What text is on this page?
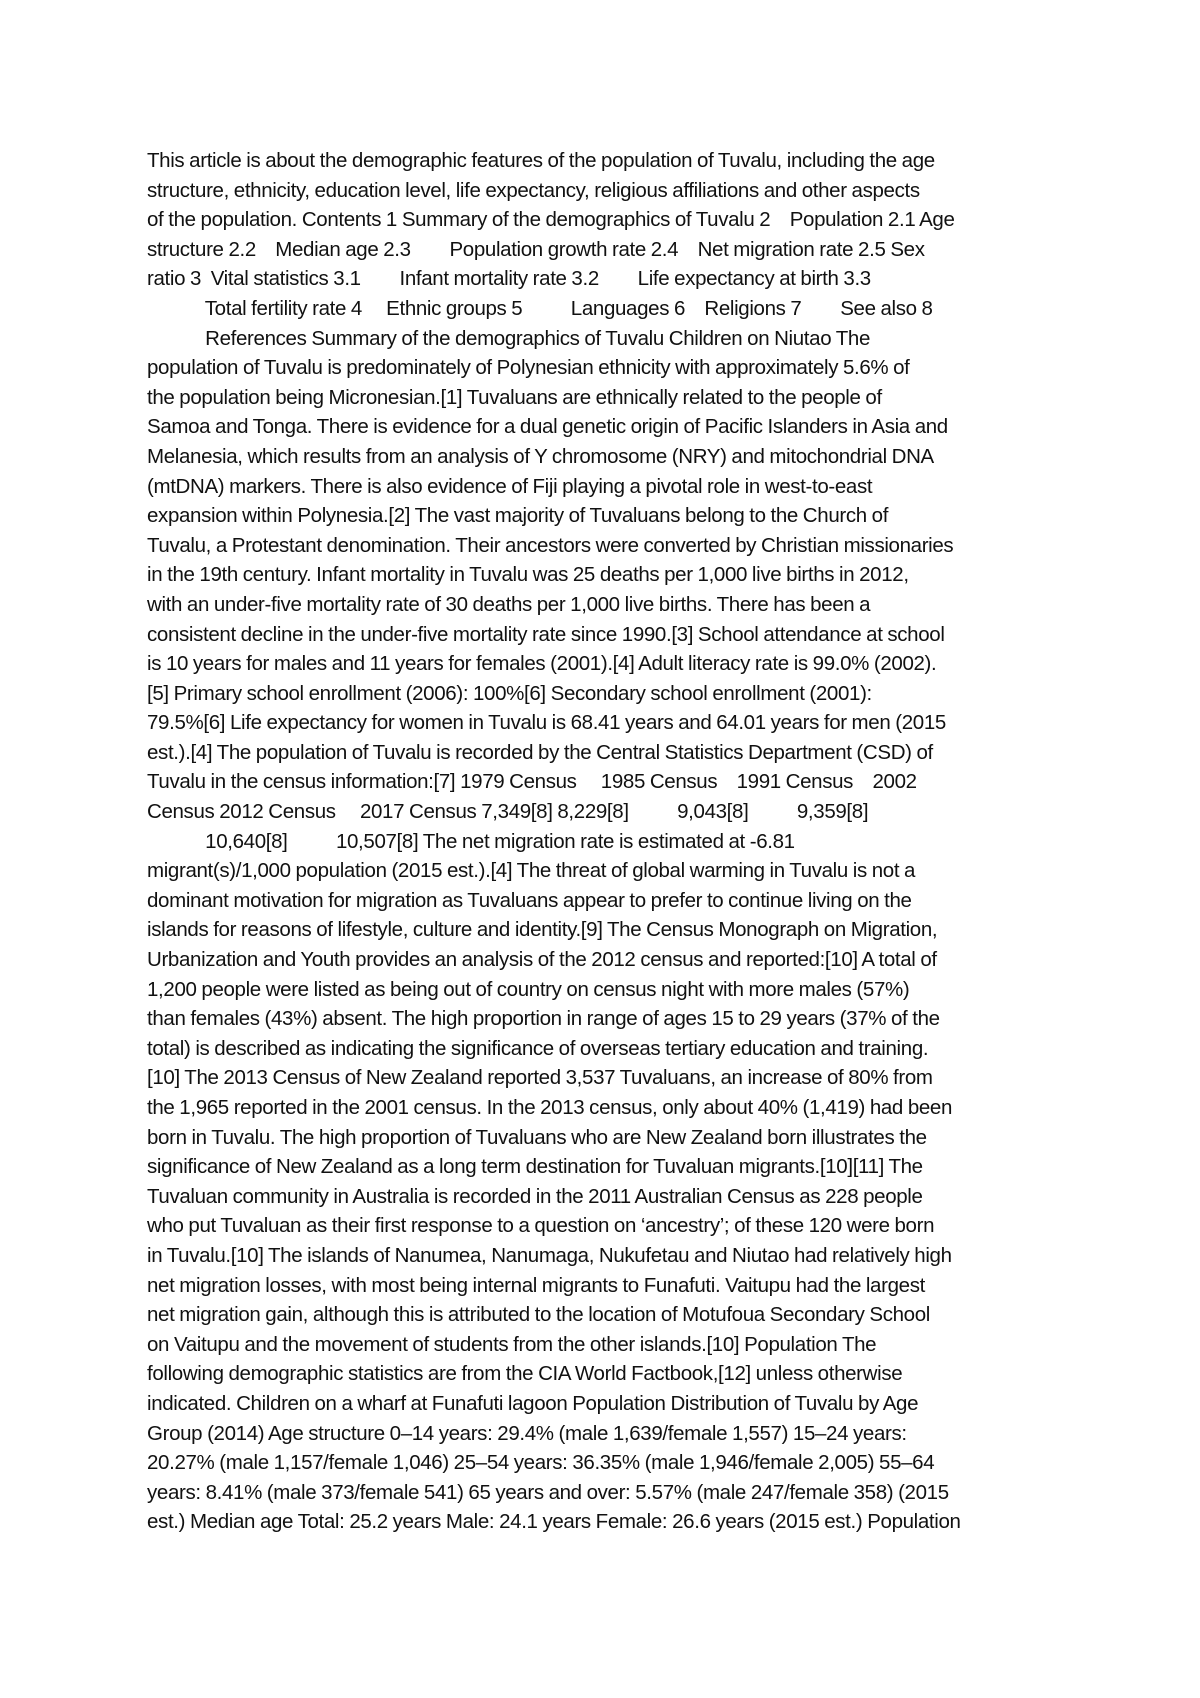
This article is about the demographic features of the population of Tuvalu, including the age
structure, ethnicity, education level, life expectancy, religious affiliations and other aspects
of the population. Contents 1 Summary of the demographics of Tuvalu 2    Population 2.1 Age
structure 2.2    Median age 2.3        Population growth rate 2.4    Net migration rate 2.5 Sex
ratio 3  Vital statistics 3.1        Infant mortality rate 3.2        Life expectancy at birth 3.3
Total fertility rate 4     Ethnic groups 5          Languages 6    Religions 7        See also 8
References Summary of the demographics of Tuvalu Children on Niutao The
population of Tuvalu is predominately of Polynesian ethnicity with approximately 5.6% of
the population being Micronesian.[1] Tuvaluans are ethnically related to the people of
Samoa and Tonga. There is evidence for a dual genetic origin of Pacific Islanders in Asia and
Melanesia, which results from an analysis of Y chromosome (NRY) and mitochondrial DNA
(mtDNA) markers. There is also evidence of Fiji playing a pivotal role in west-to-east
expansion within Polynesia.[2] The vast majority of Tuvaluans belong to the Church of
Tuvalu, a Protestant denomination. Their ancestors were converted by Christian missionaries
in the 19th century. Infant mortality in Tuvalu was 25 deaths per 1,000 live births in 2012,
with an under-five mortality rate of 30 deaths per 1,000 live births. There has been a
consistent decline in the under-five mortality rate since 1990.[3] School attendance at school
is 10 years for males and 11 years for females (2001).[4] Adult literacy rate is 99.0% (2002).
[5] Primary school enrollment (2006): 100%[6] Secondary school enrollment (2001):
79.5%[6] Life expectancy for women in Tuvalu is 68.41 years and 64.01 years for men (2015
est.).[4] The population of Tuvalu is recorded by the Central Statistics Department (CSD) of
Tuvalu in the census information:[7] 1979 Census     1985 Census    1991 Census    2002
Census 2012 Census     2017 Census 7,349[8] 8,229[8]          9,043[8]          9,359[8]
10,640[8]          10,507[8] The net migration rate is estimated at -6.81
migrant(s)/1,000 population (2015 est.).[4] The threat of global warming in Tuvalu is not a
dominant motivation for migration as Tuvaluans appear to prefer to continue living on the
islands for reasons of lifestyle, culture and identity.[9] The Census Monograph on Migration,
Urbanization and Youth provides an analysis of the 2012 census and reported:[10] A total of
1,200 people were listed as being out of country on census night with more males (57%)
than females (43%) absent. The high proportion in range of ages 15 to 29 years (37% of the
total) is described as indicating the significance of overseas tertiary education and training.
[10] The 2013 Census of New Zealand reported 3,537 Tuvaluans, an increase of 80% from
the 1,965 reported in the 2001 census. In the 2013 census, only about 40% (1,419) had been
born in Tuvalu. The high proportion of Tuvaluans who are New Zealand born illustrates the
significance of New Zealand as a long term destination for Tuvaluan migrants.[10][11] The
Tuvaluan community in Australia is recorded in the 2011 Australian Census as 228 people
who put Tuvaluan as their first response to a question on ‘ancestry’; of these 120 were born
in Tuvalu.[10] The islands of Nanumea, Nanumaga, Nukufetau and Niutao had relatively high
net migration losses, with most being internal migrants to Funafuti. Vaitupu had the largest
net migration gain, although this is attributed to the location of Motufoua Secondary School
on Vaitupu and the movement of students from the other islands.[10] Population The
following demographic statistics are from the CIA World Factbook,[12] unless otherwise
indicated. Children on a wharf at Funafuti lagoon Population Distribution of Tuvalu by Age
Group (2014) Age structure 0–14 years: 29.4% (male 1,639/female 1,557) 15–24 years:
20.27% (male 1,157/female 1,046) 25–54 years: 36.35% (male 1,946/female 2,005) 55–64
years: 8.41% (male 373/female 541) 65 years and over: 5.57% (male 247/female 358) (2015
est.) Median age Total: 25.2 years Male: 24.1 years Female: 26.6 years (2015 est.) Population
